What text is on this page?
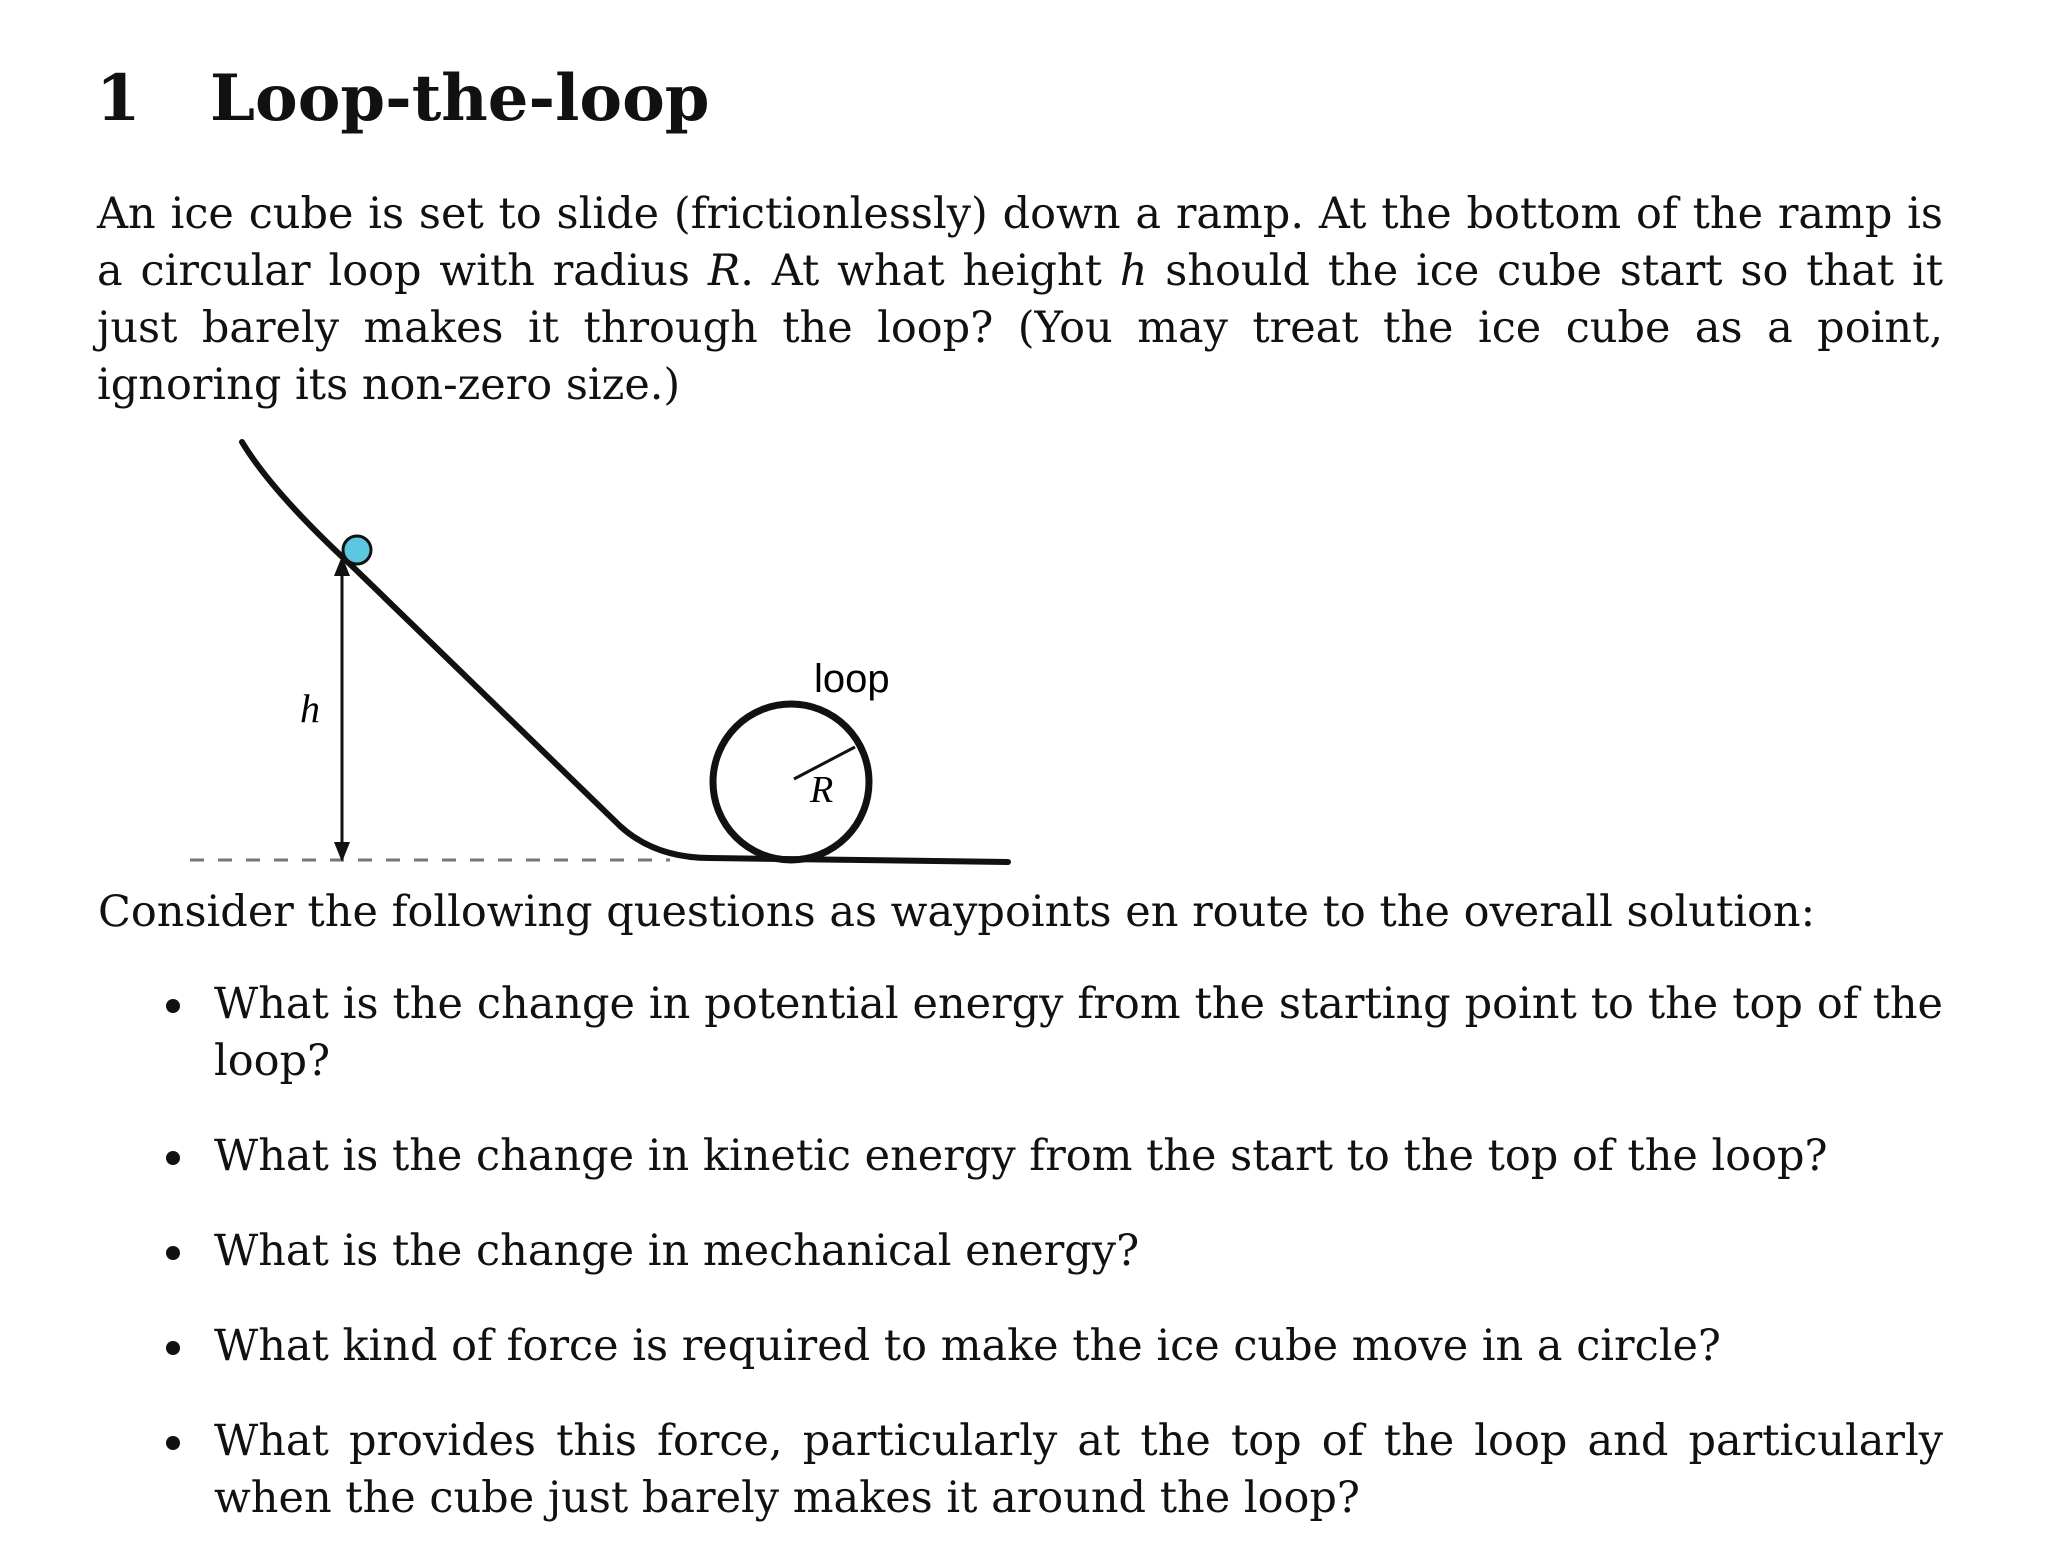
1 Loop-the-loop

An ice cube is set to slide (frictionlessly) down a ramp. At the bottom of the ramp is a circular loop with radius R. At what height h should the ice cube start so that it just barely makes it through the loop? (You may treat the ice cube as a point, ignoring its non-zero size.)

h
loop
R

Consider the following questions as waypoints en route to the overall solution:

What is the change in potential energy from the starting point to the top of the loop?
What is the change in kinetic energy from the start to the top of the loop?
What is the change in mechanical energy?
What kind of force is required to make the ice cube move in a circle?
What provides this force, particularly at the top of the loop and particularly when the cube just barely makes it around the loop?
